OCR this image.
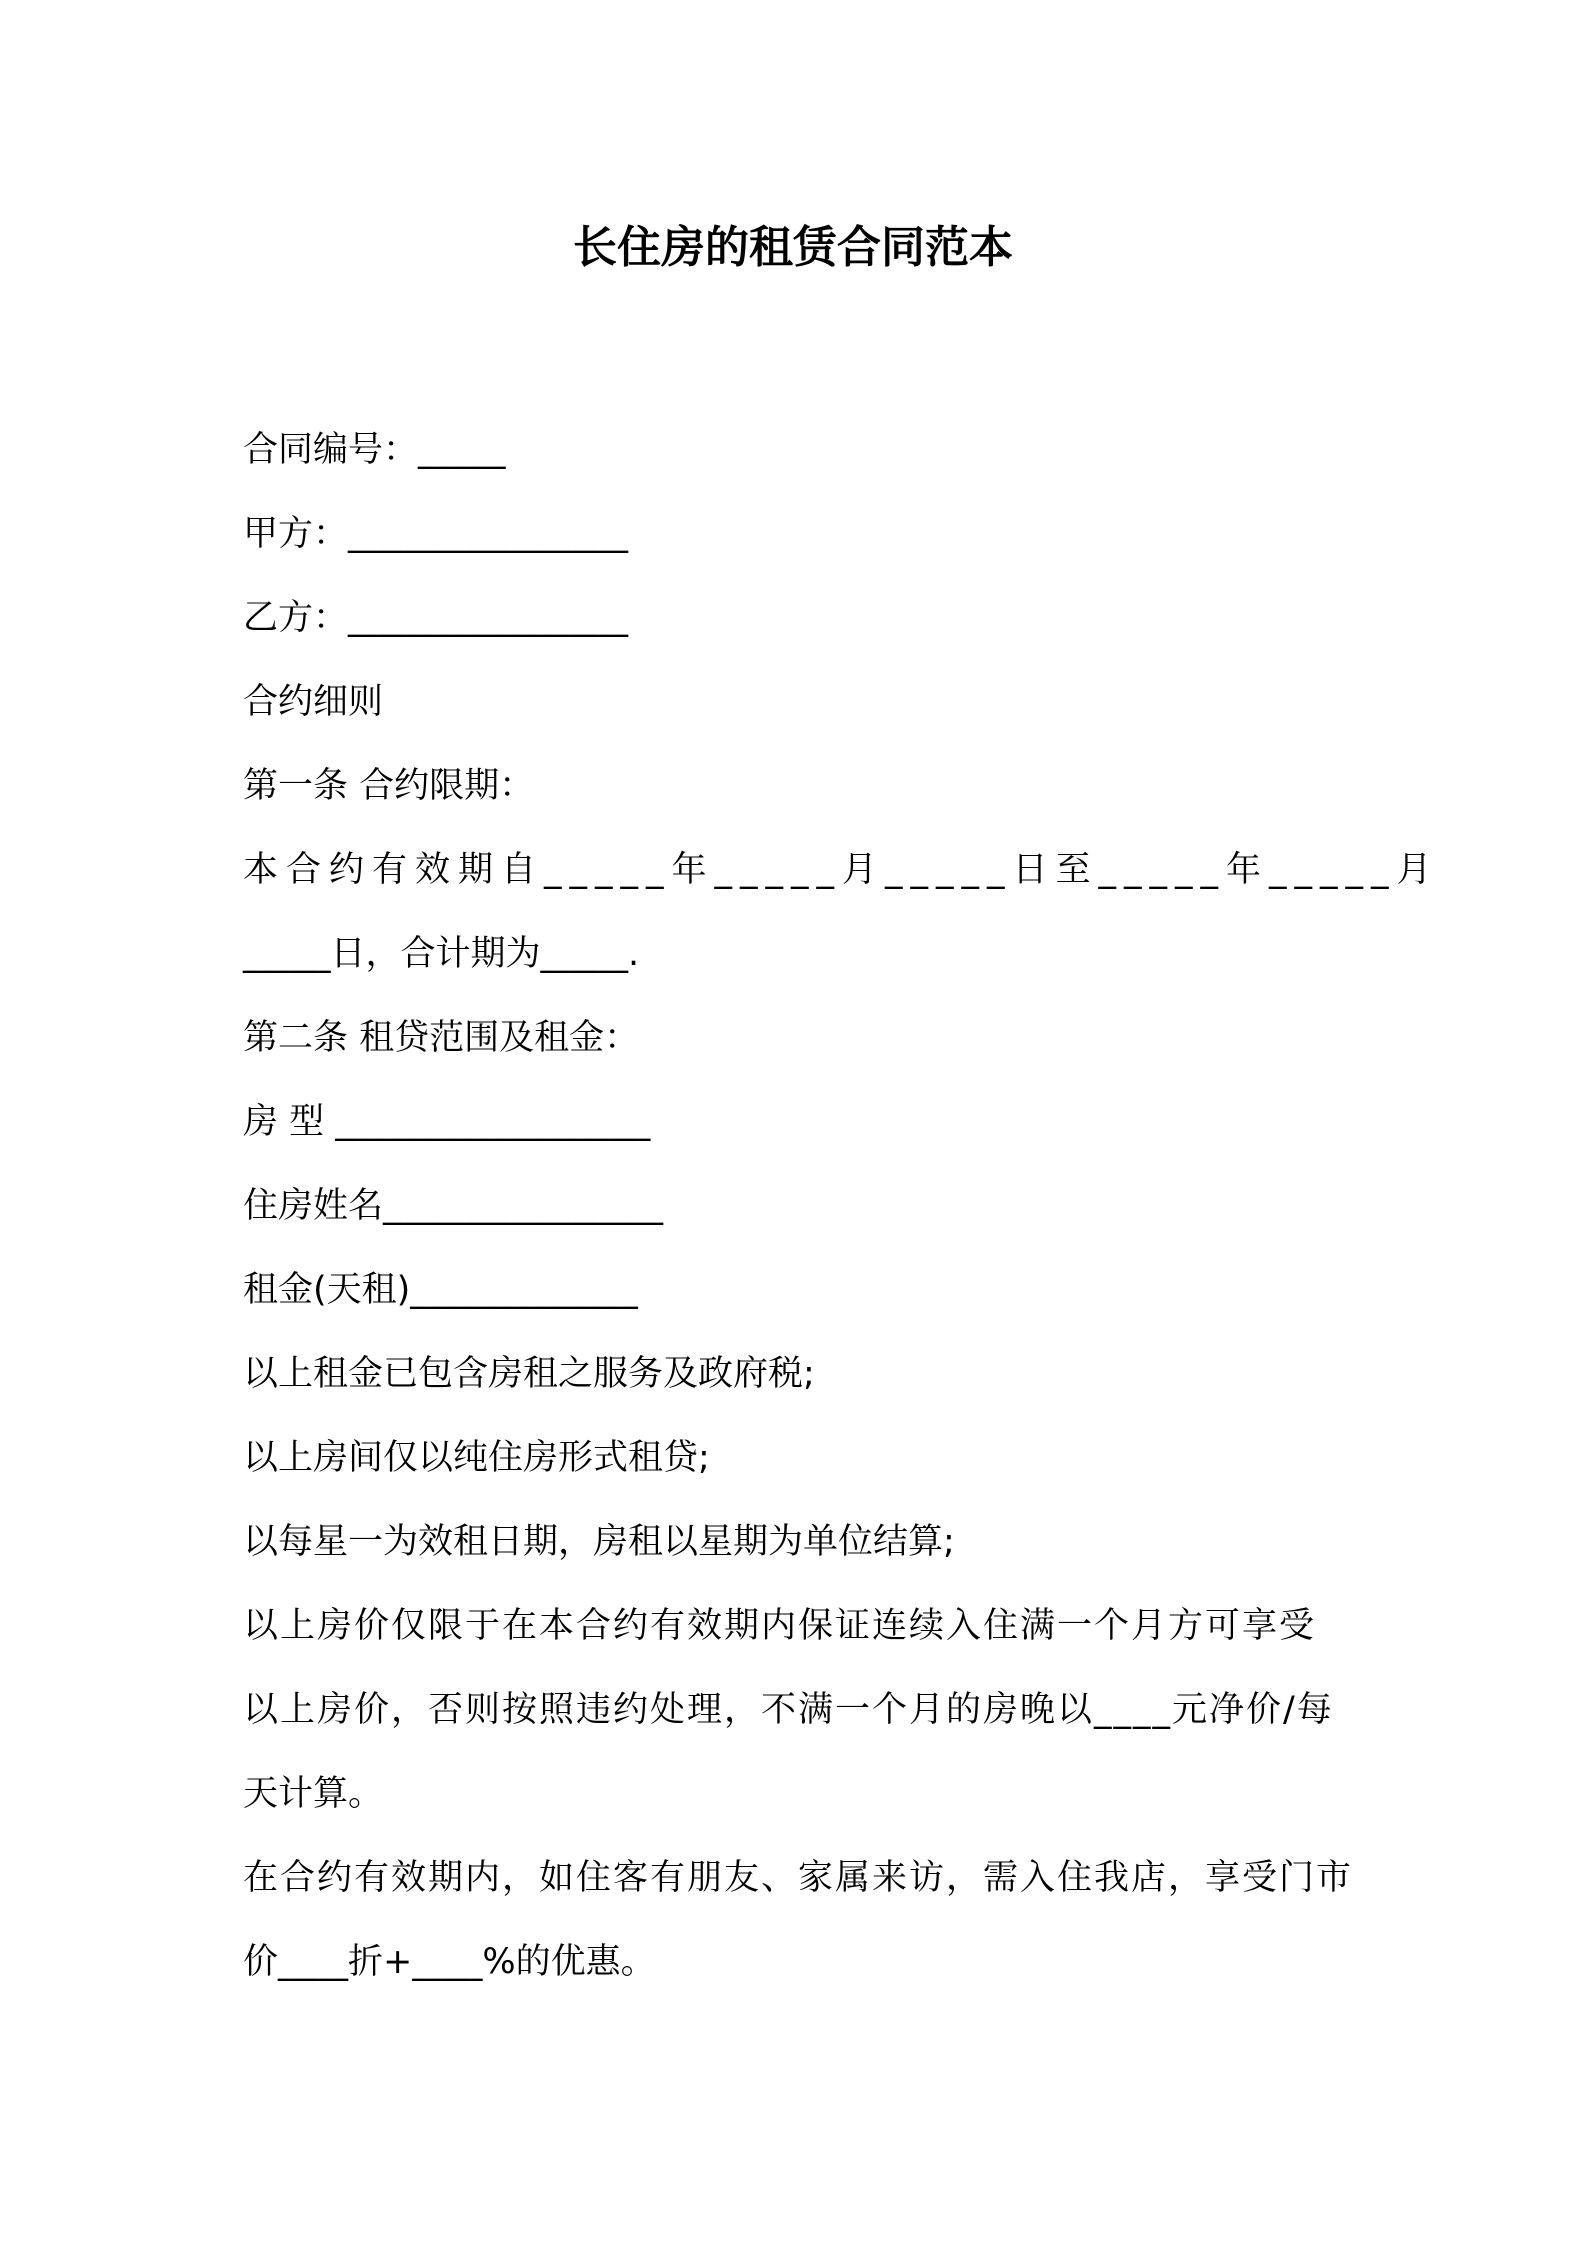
长住房的租赁合同范本
合同编号：_____
甲方：________________
乙方：________________
合约细则
第一条 合约限期：
本合约有效期自_____年_____月_____日至_____年_____月
_____日，合计期为_____.
第二条 租贷范围及租金：
房 型 __________________
住房姓名________________
租金(天租)_____________
以上租金已包含房租之服务及政府税;
以上房间仅以纯住房形式租贷;
以每星一为效租日期，房租以星期为单位结算;
以上房价仅限于在本合约有效期内保证连续入住满一个月方可享受
以上房价，否则按照违约处理，不满一个月的房晚以____元净价/每
天计算。
在合约有效期内，如住客有朋友、家属来访，需入住我店，享受门市
价____折+____%的优惠。
